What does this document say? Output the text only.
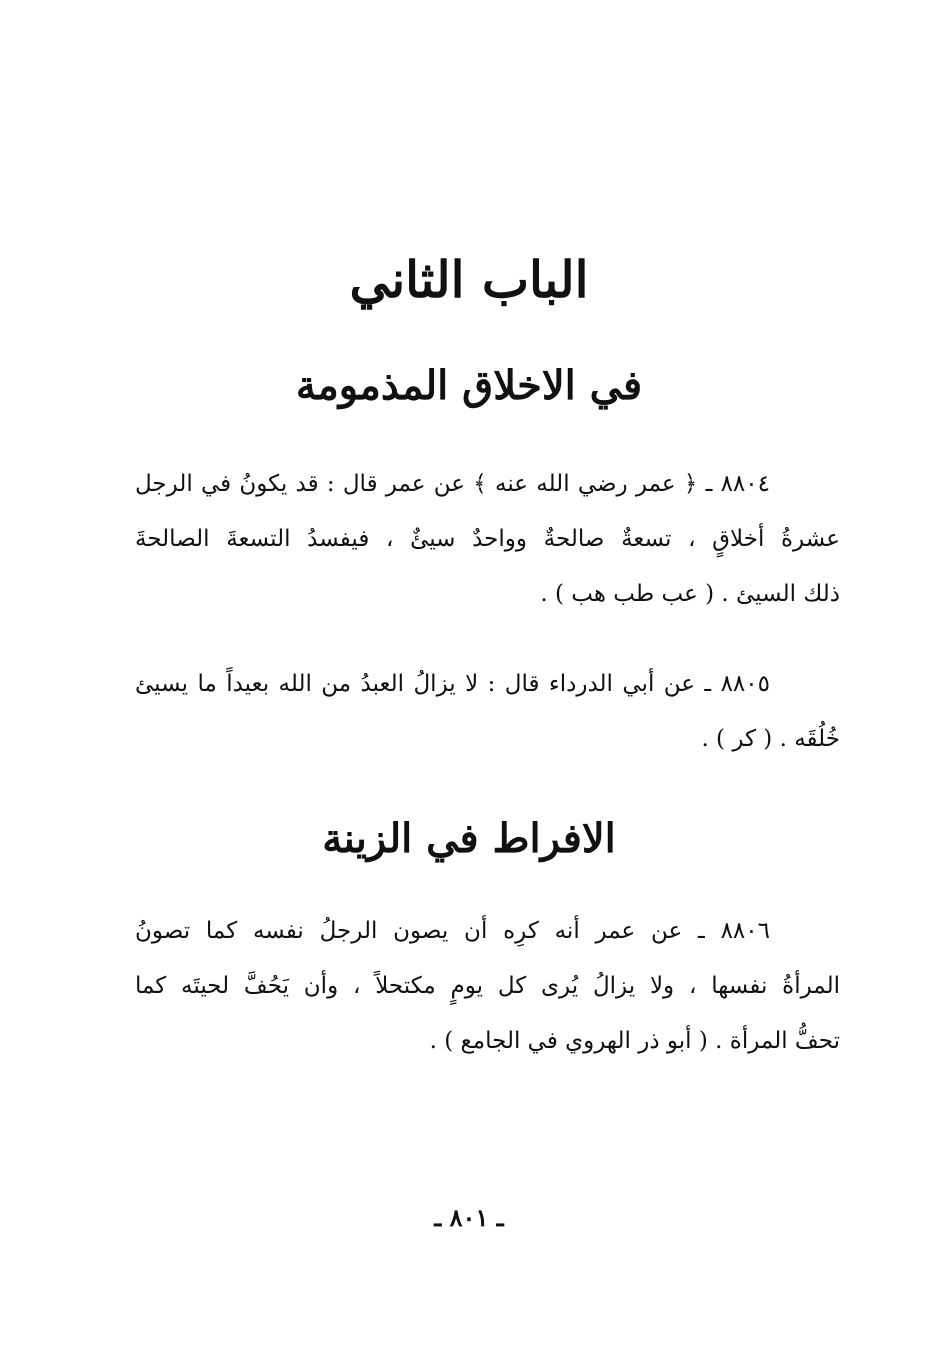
الباب الثاني
في الاخلاق المذمومة
٨٨٠٤ ـ ﴿ عمر رضي الله عنه ﴾ عن عمر قال : قد يكونُ في الرجل
عشرةُ أخلاقٍ ، تسعةٌ صالحةٌ وواحدٌ سيئٌ ، فيفسدُ التسعةَ الصالحةَ
ذلك السيئ . ( عب طب هب ) .
٨٨٠٥ ـ عن أبي الدرداء قال : لا يزالُ العبدُ من الله بعيداً ما يسيئ
خُلُقَه . ( كر ) .
الافراط في الزينة
٨٨٠٦ ـ عن عمر أنه كرِه أن يصون الرجلُ نفسه كما تصونُ
المرأةُ نفسها ، ولا يزالُ يُرى كل يومٍ مكتحلاً ، وأن يَحُفَّ لحيتَه كما
تحفُّ المرأة . ( أبو ذر الهروي في الجامع ) .
ـ ٨٠١ ـ
